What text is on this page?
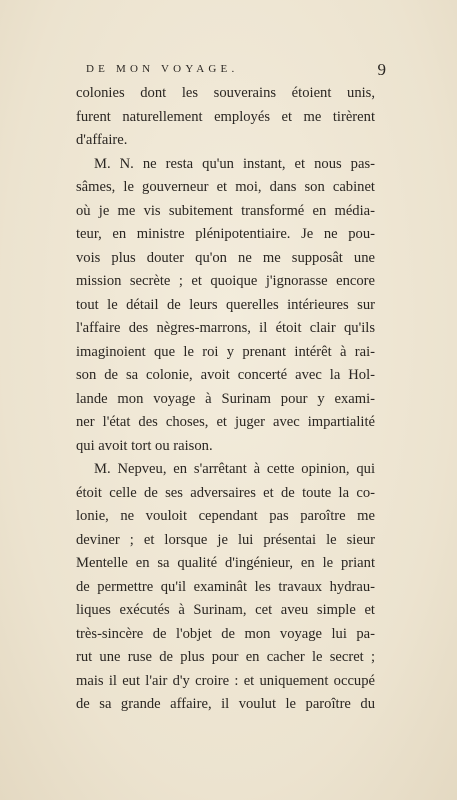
DE MON VOYAGE.	9
colonies dont les souverains étoient unis,
furent naturellement employés et me tirèrent
d'affaire.
M. N. ne resta qu'un instant, et nous pas-
sâmes, le gouverneur et moi, dans son cabinet
où je me vis subitement transformé en média-
teur, en ministre plénipotentiaire. Je ne pou-
vois plus douter qu'on ne me supposât une
mission secrète ; et quoique j'ignorasse encore
tout le détail de leurs querelles intérieures sur
l'affaire des nègres-marrons, il étoit clair qu'ils
imaginoient que le roi y prenant intérêt à rai-
son de sa colonie, avoit concerté avec la Hol-
lande mon voyage à Surinam pour y exami-
ner l'état des choses, et juger avec impartialité
qui avoit tort ou raison.
M. Nepveu, en s'arrêtant à cette opinion, qui
étoit celle de ses adversaires et de toute la co-
lonie, ne vouloit cependant pas paroître me
deviner ; et lorsque je lui présentai le sieur
Mentelle en sa qualité d'ingénieur, en le priant
de permettre qu'il examinât les travaux hydrau-
liques exécutés à Surinam, cet aveu simple et
très-sincère de l'objet de mon voyage lui pa-
rut une ruse de plus pour en cacher le secret ;
mais il eut l'air d'y croire : et uniquement occupé
de sa grande affaire, il voulut le paroître du
